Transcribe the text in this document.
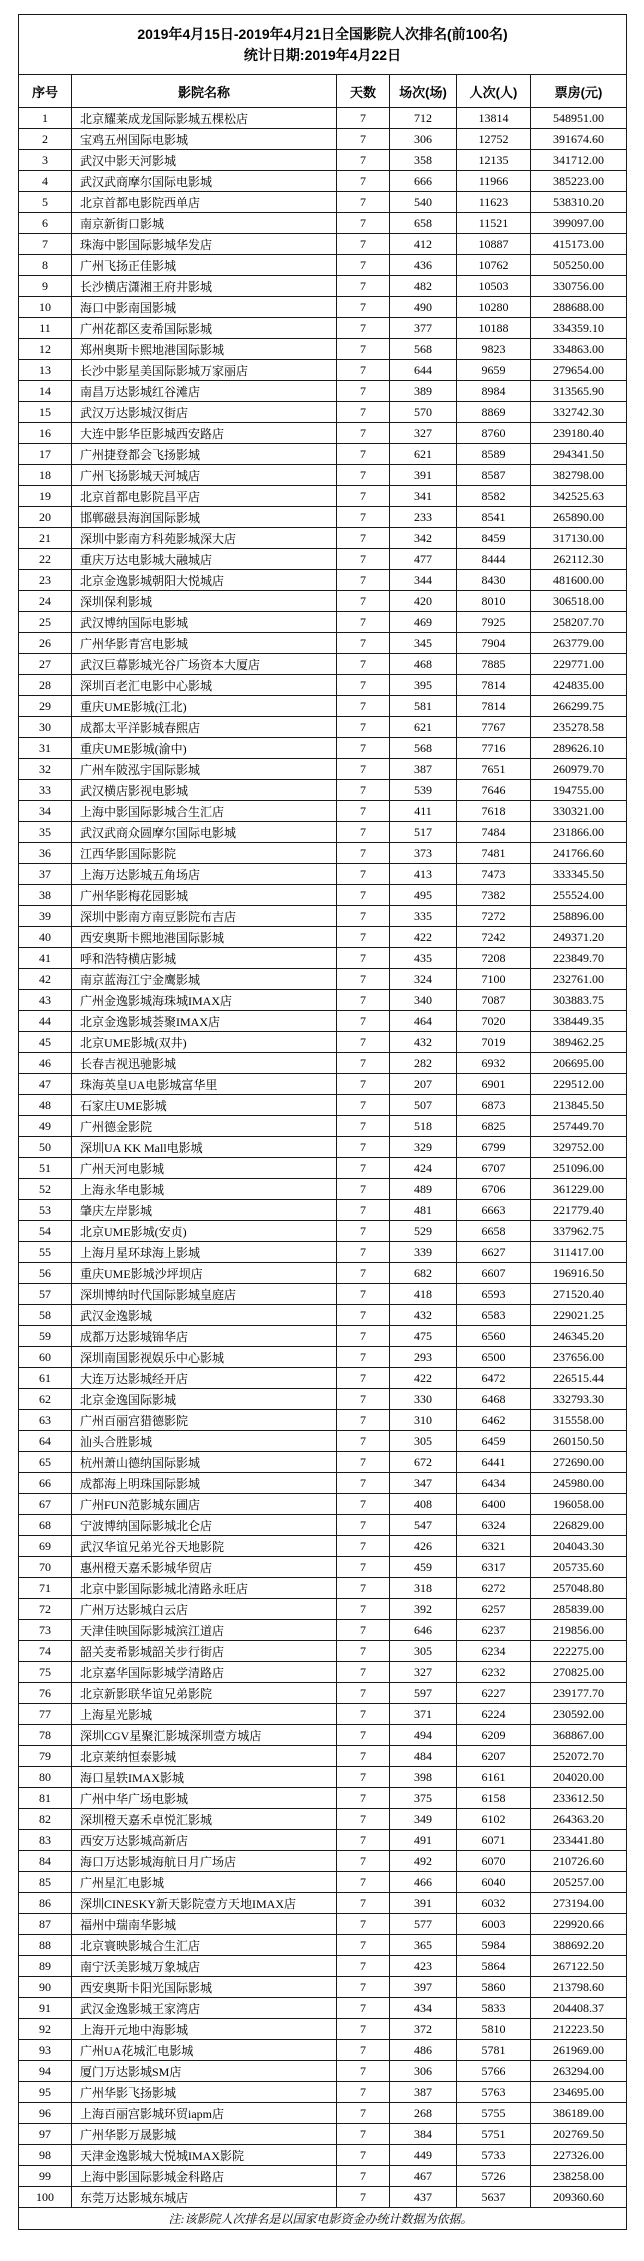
2019年4月15日-2019年4月21日全国影院人次排名(前100名)
统计日期:2019年4月22日					

序号	影院名称	天数	场次(场)	人次(人)	票房(元)
1	北京耀莱成龙国际影城五棵松店	7	712	13814	548951.00
2	宝鸡五州国际电影城	7	306	12752	391674.60
3	武汉中影天河影城	7	358	12135	341712.00
4	武汉武商摩尔国际电影城	7	666	11966	385223.00
5	北京首都电影院西单店	7	540	11623	538310.20
6	南京新街口影城	7	658	11521	399097.00
7	珠海中影国际影城华发店	7	412	10887	415173.00
8	广州飞扬正佳影城	7	436	10762	505250.00
9	长沙横店潇湘王府井影城	7	482	10503	330756.00
10	海口中影南国影城	7	490	10280	288688.00
11	广州花都区麦希国际影城	7	377	10188	334359.10
12	郑州奥斯卡熙地港国际影城	7	568	9823	334863.00
13	长沙中影星美国际影城万家丽店	7	644	9659	279654.00
14	南昌万达影城红谷滩店	7	389	8984	313565.90
15	武汉万达影城汉街店	7	570	8869	332742.30
16	大连中影华臣影城西安路店	7	327	8760	239180.40
17	广州捷登都会飞扬影城	7	621	8589	294341.50
18	广州飞扬影城天河城店	7	391	8587	382798.00
19	北京首都电影院昌平店	7	341	8582	342525.63
20	邯郸磁县海润国际影城	7	233	8541	265890.00
21	深圳中影南方科苑影城深大店	7	342	8459	317130.00
22	重庆万达电影城大融城店	7	477	8444	262112.30
23	北京金逸影城朝阳大悦城店	7	344	8430	481600.00
24	深圳保利影城	7	420	8010	306518.00
25	武汉博纳国际电影城	7	469	7925	258207.70
26	广州华影青宫电影城	7	345	7904	263779.00
27	武汉巨幕影城光谷广场资本大厦店	7	468	7885	229771.00
28	深圳百老汇电影中心影城	7	395	7814	424835.00
29	重庆UME影城(江北)	7	581	7814	266299.75
30	成都太平洋影城春熙店	7	621	7767	235278.58
31	重庆UME影城(渝中)	7	568	7716	289626.10
32	广州车陂泓宇国际影城	7	387	7651	260979.70
33	武汉横店影视电影城	7	539	7646	194755.00
34	上海中影国际影城合生汇店	7	411	7618	330321.00
35	武汉武商众圆摩尔国际电影城	7	517	7484	231866.00
36	江西华影国际影院	7	373	7481	241766.60
37	上海万达影城五角场店	7	413	7473	333345.50
38	广州华影梅花园影城	7	495	7382	255524.00
39	深圳中影南方南豆影院布吉店	7	335	7272	258896.00
40	西安奥斯卡熙地港国际影城	7	422	7242	249371.20
41	呼和浩特横店影城	7	435	7208	223849.70
42	南京蓝海江宁金鹰影城	7	324	7100	232761.00
43	广州金逸影城海珠城IMAX店	7	340	7087	303883.75
44	北京金逸影城荟聚IMAX店	7	464	7020	338449.35
45	北京UME影城(双井)	7	432	7019	389462.25
46	长春吉视迅驰影城	7	282	6932	206695.00
47	珠海英皇UA电影城富华里	7	207	6901	229512.00
48	石家庄UME影城	7	507	6873	213845.50
49	广州德金影院	7	518	6825	257449.70
50	深圳UA KK Mall电影城	7	329	6799	329752.00
51	广州天河电影城	7	424	6707	251096.00
52	上海永华电影城	7	489	6706	361229.00
53	肇庆左岸影城	7	481	6663	221779.40
54	北京UME影城(安贞)	7	529	6658	337962.75
55	上海月星环球海上影城	7	339	6627	311417.00
56	重庆UME影城沙坪坝店	7	682	6607	196916.50
57	深圳博纳时代国际影城皇庭店	7	418	6593	271520.40
58	武汉金逸影城	7	432	6583	229021.25
59	成都万达影城锦华店	7	475	6560	246345.20
60	深圳南国影视娱乐中心影城	7	293	6500	237656.00
61	大连万达影城经开店	7	422	6472	226515.44
62	北京金逸国际影城	7	330	6468	332793.30
63	广州百丽宫猎德影院	7	310	6462	315558.00
64	汕头合胜影城	7	305	6459	260150.50
65	杭州萧山德纳国际影城	7	672	6441	272690.00
66	成都海上明珠国际影城	7	347	6434	245980.00
67	广州FUN范影城东圃店	7	408	6400	196058.00
68	宁波博纳国际影城北仑店	7	547	6324	226829.00
69	武汉华谊兄弟光谷天地影院	7	426	6321	204043.30
70	惠州橙天嘉禾影城华贸店	7	459	6317	205735.60
71	北京中影国际影城北清路永旺店	7	318	6272	257048.80
72	广州万达影城白云店	7	392	6257	285839.00
73	天津佳映国际影城滨江道店	7	646	6237	219856.00
74	韶关麦希影城韶关步行街店	7	305	6234	222275.00
75	北京嘉华国际影城学清路店	7	327	6232	270825.00
76	北京新影联华谊兄弟影院	7	597	6227	239177.70
77	上海星光影城	7	371	6224	230592.00
78	深圳CGV星聚汇影城深圳壹方城店	7	494	6209	368867.00
79	北京莱纳恒泰影城	7	484	6207	252072.70
80	海口星轶IMAX影城	7	398	6161	204020.00
81	广州中华广场电影城	7	375	6158	233612.50
82	深圳橙天嘉禾卓悦汇影城	7	349	6102	264363.20
83	西安万达影城高新店	7	491	6071	233441.80
84	海口万达影城海航日月广场店	7	492	6070	210726.60
85	广州星汇电影城	7	466	6040	205257.00
86	深圳CINESKY新天影院壹方天地IMAX店	7	391	6032	273194.00
87	福州中瑞南华影城	7	577	6003	229920.66
88	北京寰映影城合生汇店	7	365	5984	388692.20
89	南宁沃美影城万象城店	7	423	5864	267122.50
90	西安奥斯卡阳光国际影城	7	397	5860	213798.60
91	武汉金逸影城王家湾店	7	434	5833	204408.37
92	上海开元地中海影城	7	372	5810	212223.50
93	广州UA花城汇电影城	7	486	5781	261969.00
94	厦门万达影城SM店	7	306	5766	263294.00
95	广州华影飞扬影城	7	387	5763	234695.00
96	上海百丽宫影城环贸iapm店	7	268	5755	386189.00
97	广州华影万晟影城	7	384	5751	202769.50
98	天津金逸影城大悦城IMAX影院	7	449	5733	227326.00
99	上海中影国际影城金科路店	7	467	5726	238258.00
100	东莞万达影城东城店	7	437	5637	209360.60
注:该影院人次排名是以国家电影资金办统计数据为依据。					
